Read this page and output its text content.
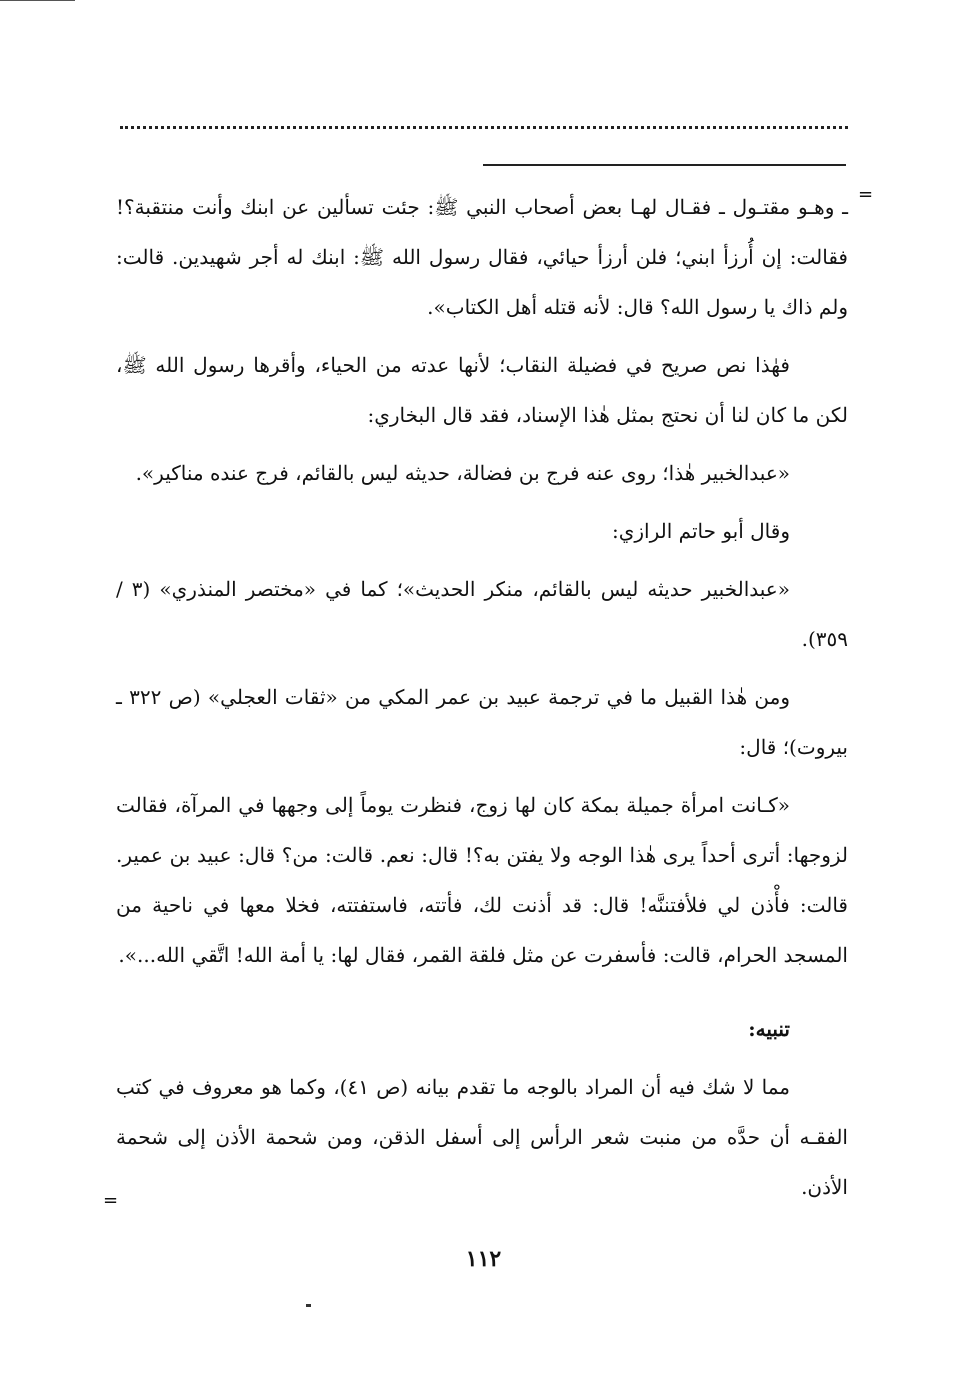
=
=

ـ وهـو مقتـول ـ فقـال لهـا بعض أصحاب النبي ﷺ: جئت تسألين عن ابنك وأنت منتقبة؟! فقالت: إن أُرزأ ابني؛ فلن أرزأ حيائي، فقال رسول الله ﷺ: ابنك له أجر شهيدين. قالت: ولم ذاك يا رسول الله؟ قال: لأنه قتله أهل الكتاب».

فهٰذا نص صريح في فضيلة النقاب؛ لأنها عدته من الحياء، وأقرها رسول الله ﷺ، لكن ما كان لنا أن نحتج بمثل هٰذا الإسناد، فقد قال البخاري:

«عبدالخبير هٰذا؛ روى عنه فرج بن فضالة، حديثه ليس بالقائم، فرج عنده مناكير».

وقال أبو حاتم الرازي:

«عبدالخبير حديثه ليس بالقائم، منكر الحديث»؛ كما في «مختصر المنذري» (٣ / ٣٥٩).

ومن هٰذا القبيل ما في ترجمة عبيد بن عمر المكي من «ثقات العجلي» (ص ٣٢٢ ـ بيروت)؛ قال:

«كـانت امرأة جميلة بمكة كان لها زوج، فنظرت يوماً إلى وجهها في المرآة، فقالت لزوجها: أترى أحداً يرى هٰذا الوجه ولا يفتن به؟! قال: نعم. قالت: من؟ قال: عبيد بن عمير. قالت: فأْذن لي فلأفتننَّه! قال: قد أذنت لك، فأتته، فاستفتته، فخلا معها في ناحية من المسجد الحرام، قالت: فأسفرت عن مثل فلقة القمر، فقال لها: يا أمة الله! اتَّقي الله...».

تنبيه:

مما لا شك فيه أن المراد بالوجه ما تقدم بيانه (ص ٤١)، وكما هو معروف في كتب الفقـه أن حدَّه من منبت شعر الرأس إلى أسفل الذقن، ومن شحمة الأذن إلى شحمة الأذن.

١١٢
